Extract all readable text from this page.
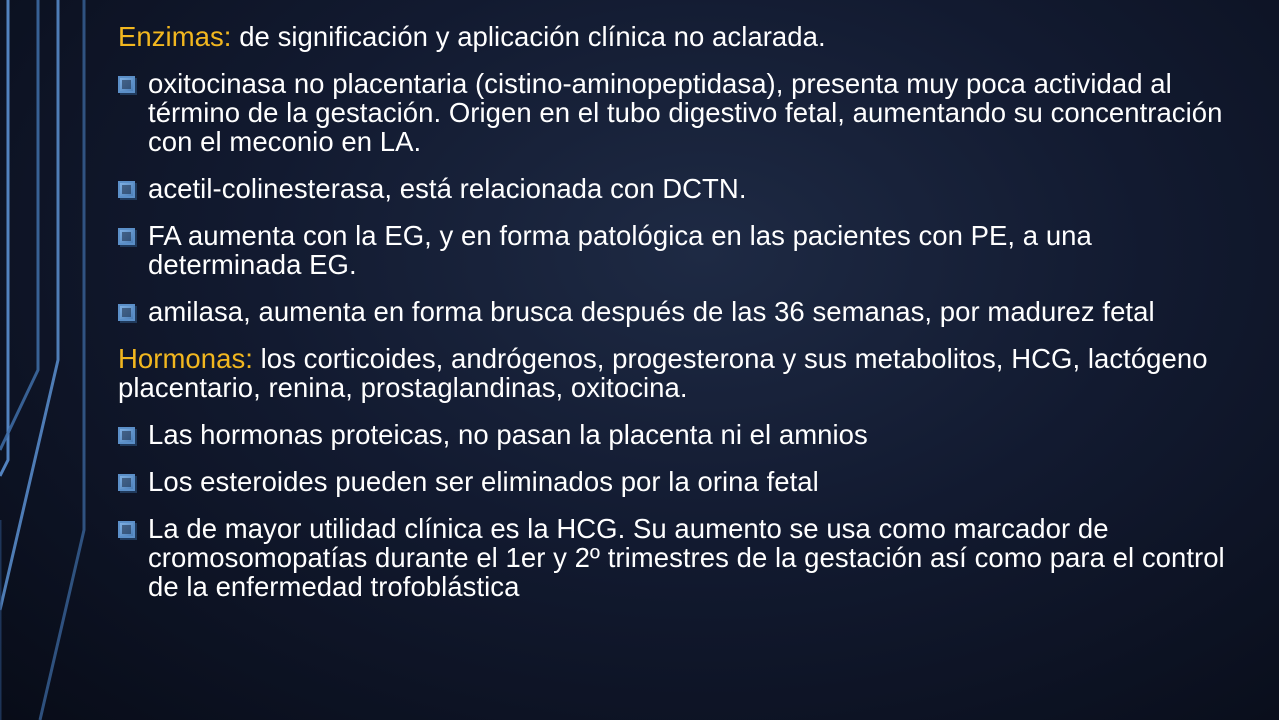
Enzimas: de significación y aplicación clínica no aclarada.

oxitocinasa no placentaria (cistino-aminopeptidasa), presenta muy poca actividad al término de la gestación. Origen en el tubo digestivo fetal, aumentando su concentración con el meconio en LA.
acetil-colinesterasa, está relacionada con DCTN.
FA aumenta con la EG, y en forma patológica en las pacientes con PE, a una determinada EG.
amilasa, aumenta en forma brusca después de las 36 semanas, por madurez fetal

Hormonas: los corticoides, andrógenos, progesterona y sus metabolitos, HCG, lactógeno placentario, renina, prostaglandinas, oxitocina.

Las hormonas proteicas, no pasan la placenta ni el amnios
Los esteroides pueden ser eliminados por la orina fetal
La de mayor utilidad clínica es la HCG. Su aumento se usa como marcador de cromosomopatías durante el 1er y 2º trimestres de la gestación así como para el control de la enfermedad trofoblástica
